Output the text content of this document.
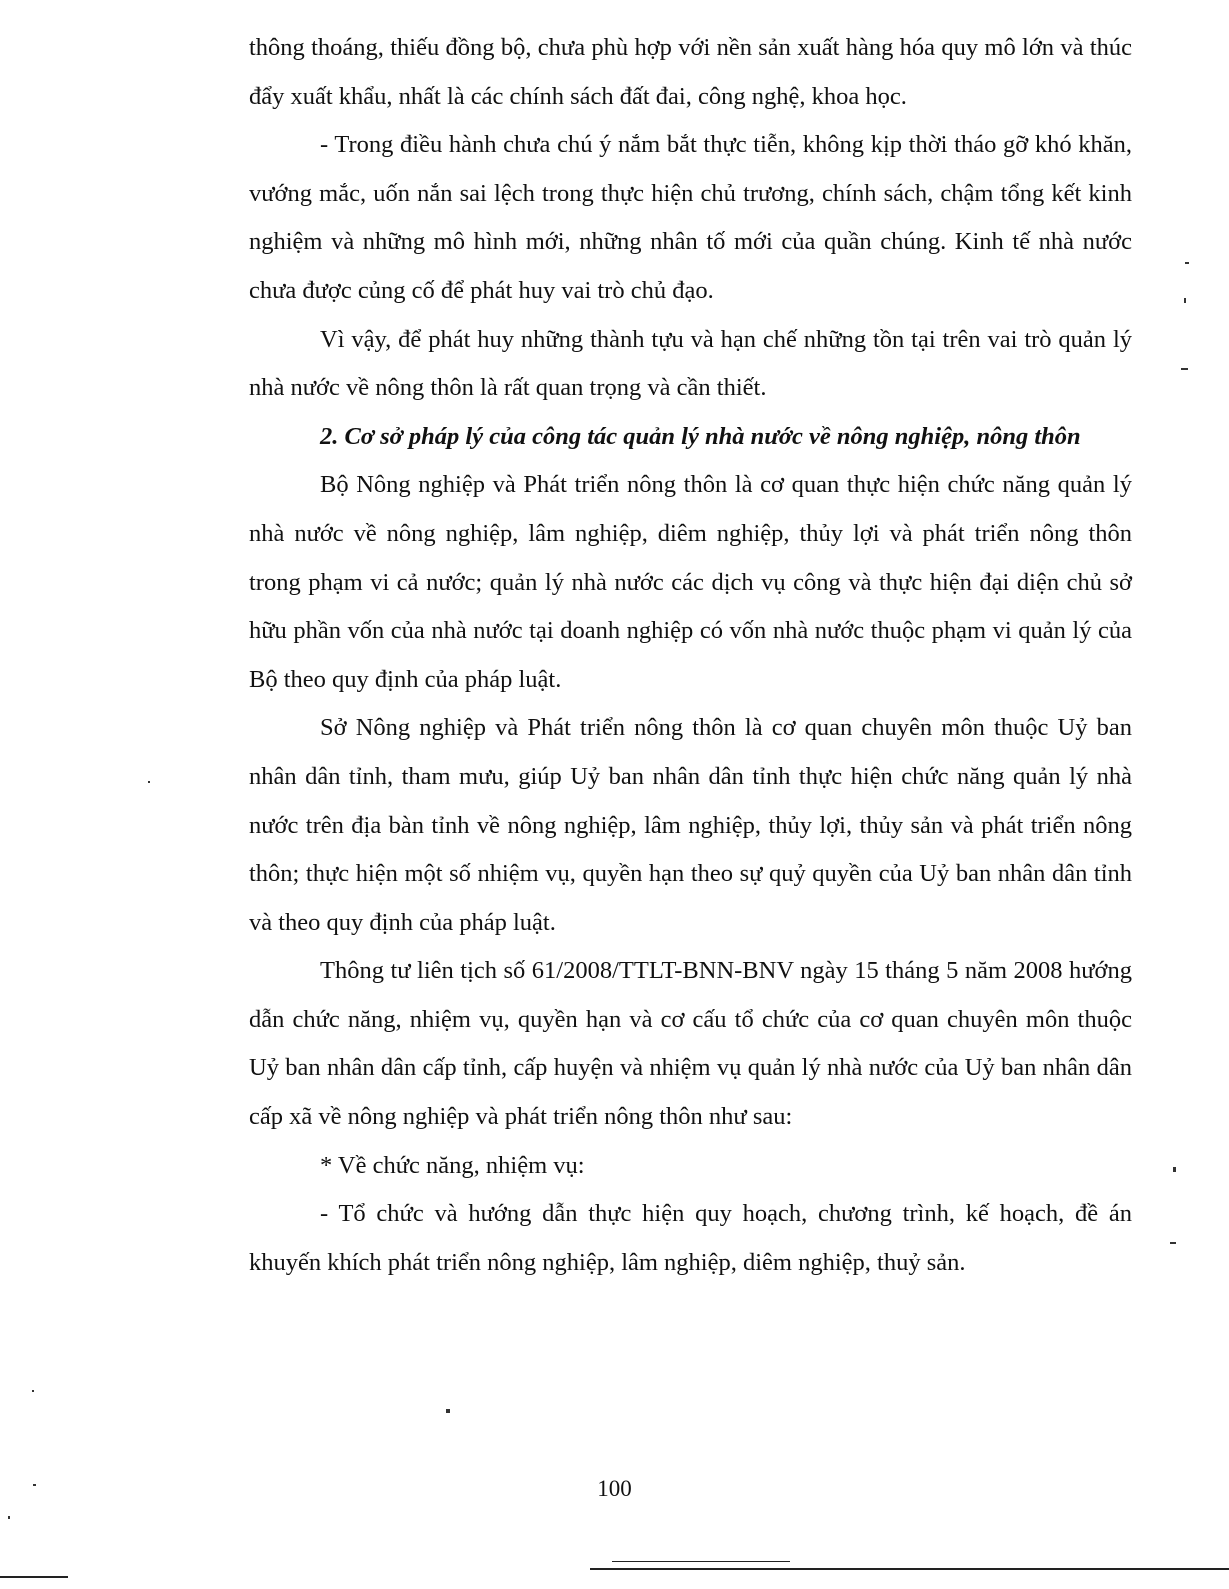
thông thoáng, thiếu đồng bộ, chưa phù hợp với nền sản xuất hàng hóa quy mô lớn và thúc đẩy xuất khẩu, nhất là các chính sách đất đai, công nghệ, khoa học.

- Trong điều hành chưa chú ý nắm bắt thực tiễn, không kịp thời tháo gỡ khó khăn, vướng mắc, uốn nắn sai lệch trong thực hiện chủ trương, chính sách, chậm tổng kết kinh nghiệm và những mô hình mới, những nhân tố mới của quần chúng. Kinh tế nhà nước chưa được củng cố để phát huy vai trò chủ đạo.

Vì vậy, để phát huy những thành tựu và hạn chế những tồn tại trên vai trò quản lý nhà nước về nông thôn là rất quan trọng và cần thiết.

2. Cơ sở pháp lý của công tác quản lý nhà nước về nông nghiệp, nông thôn

Bộ Nông nghiệp và Phát triển nông thôn là cơ quan thực hiện chức năng quản lý nhà nước về nông nghiệp, lâm nghiệp, diêm nghiệp, thủy lợi và phát triển nông thôn trong phạm vi cả nước; quản lý nhà nước các dịch vụ công và thực hiện đại diện chủ sở hữu phần vốn của nhà nước tại doanh nghiệp có vốn nhà nước thuộc phạm vi quản lý của Bộ theo quy định của pháp luật.

Sở Nông nghiệp và Phát triển nông thôn là cơ quan chuyên môn thuộc Uỷ ban nhân dân tỉnh, tham mưu, giúp Uỷ ban nhân dân tỉnh thực hiện chức năng quản lý nhà nước trên địa bàn tỉnh về nông nghiệp, lâm nghiệp, thủy lợi, thủy sản và phát triển nông thôn; thực hiện một số nhiệm vụ, quyền hạn theo sự quỷ quyền của Uỷ ban nhân dân tỉnh và theo quy định của pháp luật.

Thông tư liên tịch số 61/2008/TTLT-BNN-BNV ngày 15 tháng 5 năm 2008 hướng dẫn chức năng, nhiệm vụ, quyền hạn và cơ cấu tổ chức của cơ quan chuyên môn thuộc Uỷ ban nhân dân cấp tỉnh, cấp huyện và nhiệm vụ quản lý nhà nước của Uỷ ban nhân dân cấp xã về nông nghiệp và phát triển nông thôn như sau:

* Về chức năng, nhiệm vụ:

- Tổ chức và hướng dẫn thực hiện quy hoạch, chương trình, kế hoạch, đề án khuyến khích phát triển nông nghiệp, lâm nghiệp, diêm nghiệp, thuỷ sản.

100
